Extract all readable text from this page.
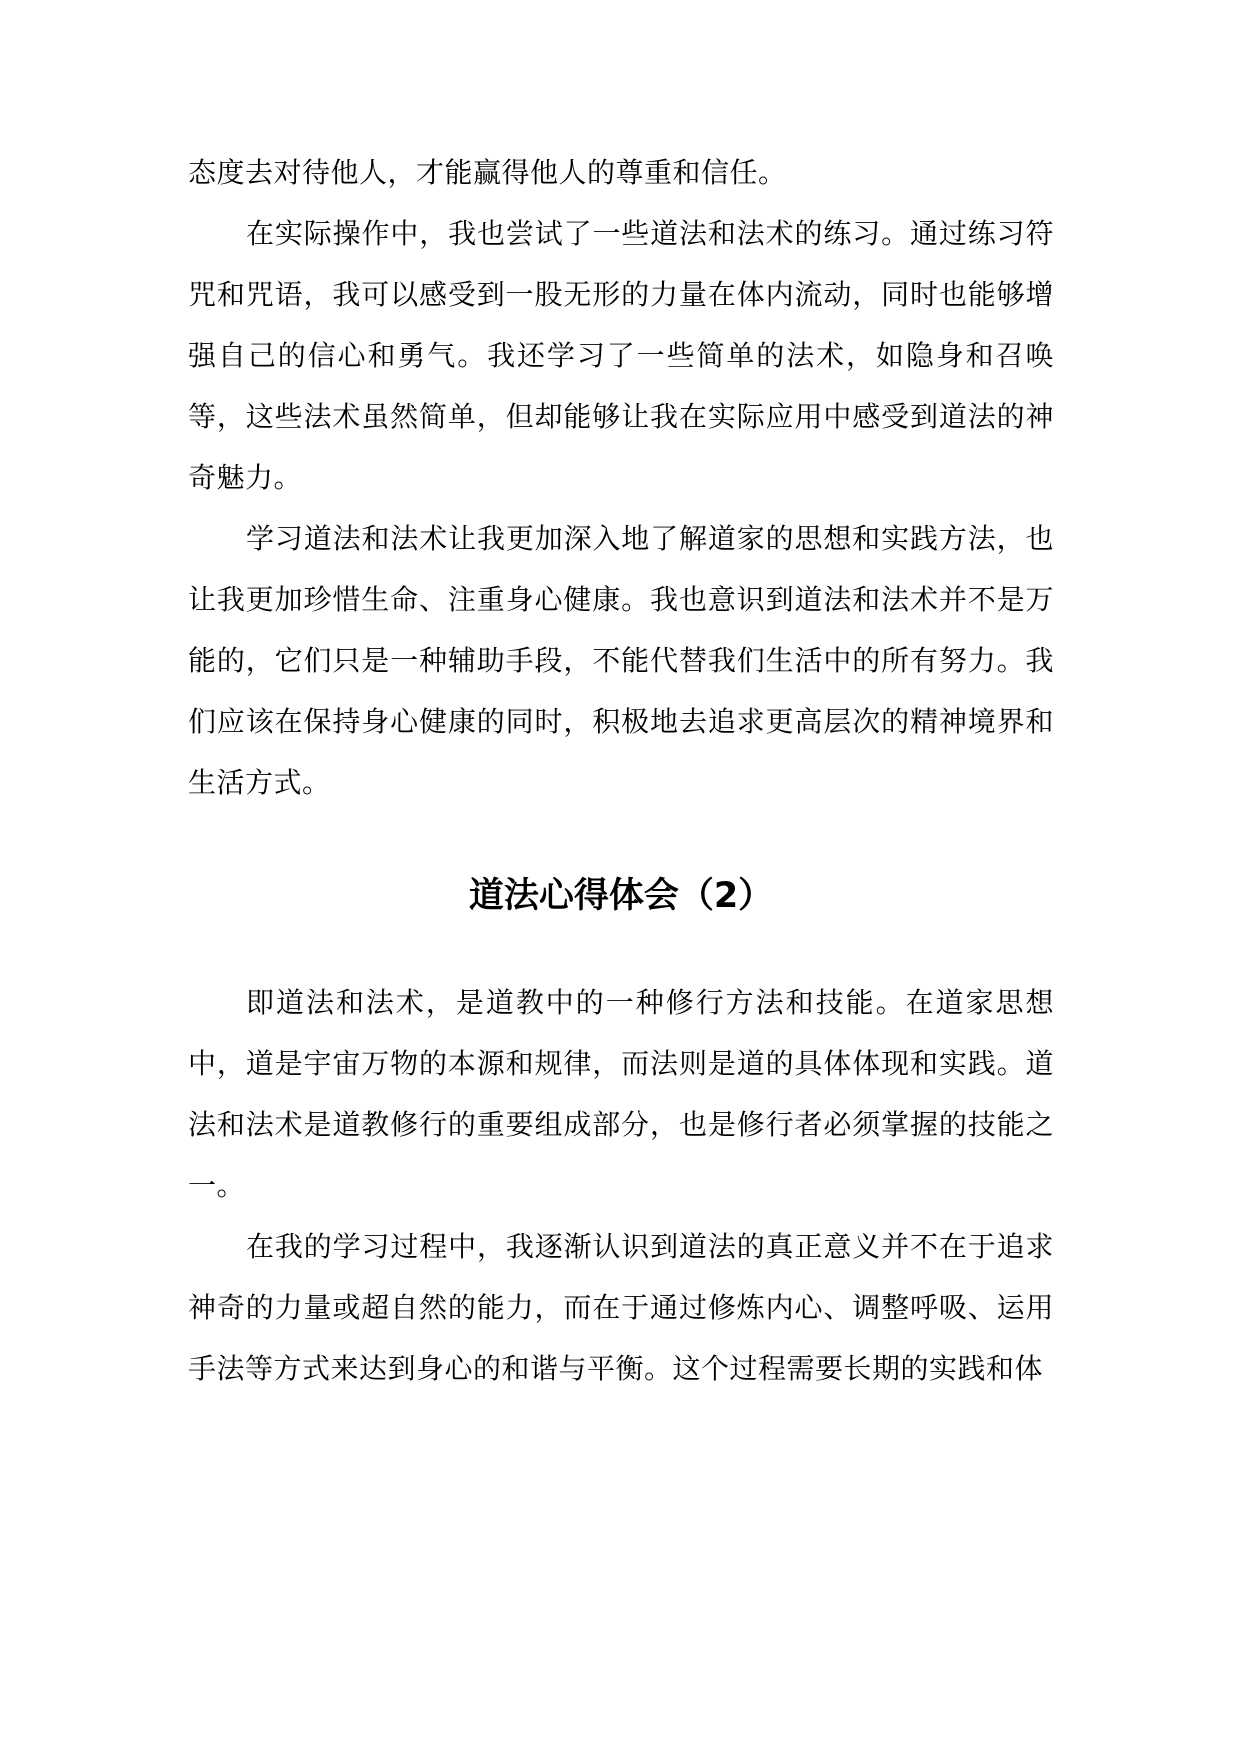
态度去对待他人，才能赢得他人的尊重和信任。

在实际操作中，我也尝试了一些道法和法术的练习。通过练习符咒和咒语，我可以感受到一股无形的力量在体内流动，同时也能够增强自己的信心和勇气。我还学习了一些简单的法术，如隐身和召唤等，这些法术虽然简单，但却能够让我在实际应用中感受到道法的神奇魅力。

学习道法和法术让我更加深入地了解道家的思想和实践方法，也让我更加珍惜生命、注重身心健康。我也意识到道法和法术并不是万能的，它们只是一种辅助手段，不能代替我们生活中的所有努力。我们应该在保持身心健康的同时，积极地去追求更高层次的精神境界和生活方式。

道法心得体会（2）

即道法和法术，是道教中的一种修行方法和技能。在道家思想中，道是宇宙万物的本源和规律，而法则是道的具体体现和实践。道法和法术是道教修行的重要组成部分，也是修行者必须掌握的技能之一。

在我的学习过程中，我逐渐认识到道法的真正意义并不在于追求神奇的力量或超自然的能力，而在于通过修炼内心、调整呼吸、运用手法等方式来达到身心的和谐与平衡。这个过程需要长期的实践和体
